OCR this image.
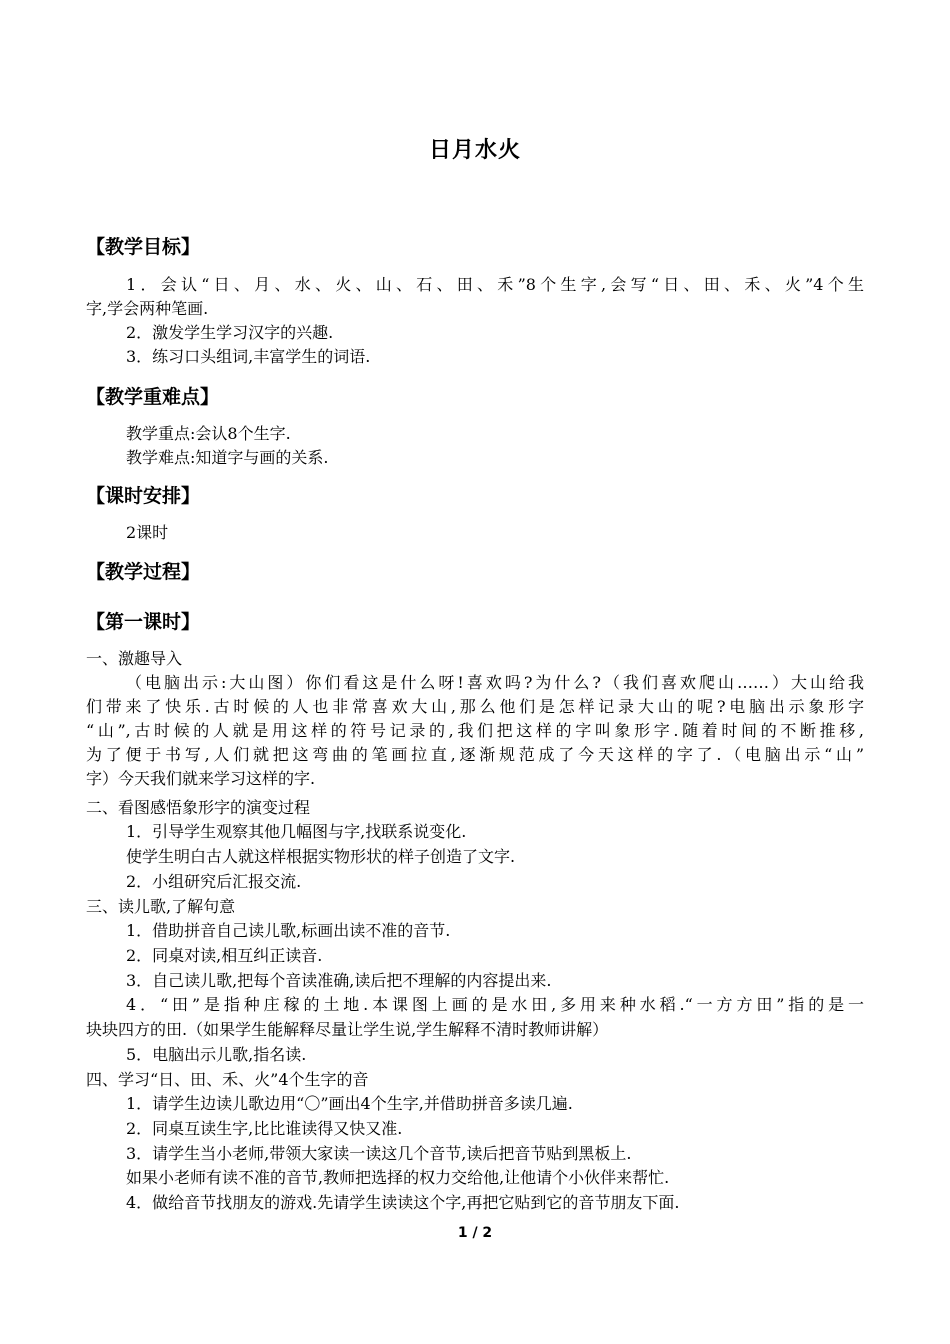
日月水火
【教学目标】
1．会认“日、月、水、火、山、石、田、禾”8个生字,会写“日、田、禾、火”4个生
字,学会两种笔画.
2．激发学生学习汉字的兴趣.
3．练习口头组词,丰富学生的词语.
【教学重难点】
教学重点:会认8个生字.
教学难点:知道字与画的关系.
【课时安排】
2课时
【教学过程】
【第一课时】
一、激趣导入
（电脑出示:大山图）你们看这是什么呀!喜欢吗?为什么?（我们喜欢爬山……）大山给我
们带来了快乐.古时候的人也非常喜欢大山,那么他们是怎样记录大山的呢?电脑出示象形字
“山”,古时候的人就是用这样的符号记录的,我们把这样的字叫象形字.随着时间的不断推移,
为了便于书写,人们就把这弯曲的笔画拉直,逐渐规范成了今天这样的字了.（电脑出示“山”
字）今天我们就来学习这样的字.
二、看图感悟象形字的演变过程
1．引导学生观察其他几幅图与字,找联系说变化.
使学生明白古人就这样根据实物形状的样子创造了文字.
2．小组研究后汇报交流.
三、读儿歌,了解句意
1．借助拼音自己读儿歌,标画出读不准的音节.
2．同桌对读,相互纠正读音.
3．自己读儿歌,把每个音读准确,读后把不理解的内容提出来.
4．“田”是指种庄稼的土地.本课图上画的是水田,多用来种水稻.“一方方田”指的是一
块块四方的田.（如果学生能解释尽量让学生说,学生解释不清时教师讲解）
5．电脑出示儿歌,指名读.
四、学习“日、田、禾、火”4个生字的音
1．请学生边读儿歌边用“〇”画出4个生字,并借助拼音多读几遍.
2．同桌互读生字,比比谁读得又快又准.
3．请学生当小老师,带领大家读一读这几个音节,读后把音节贴到黑板上.
如果小老师有读不准的音节,教师把选择的权力交给他,让他请个小伙伴来帮忙.
4．做给音节找朋友的游戏.先请学生读读这个字,再把它贴到它的音节朋友下面.
1 / 2
